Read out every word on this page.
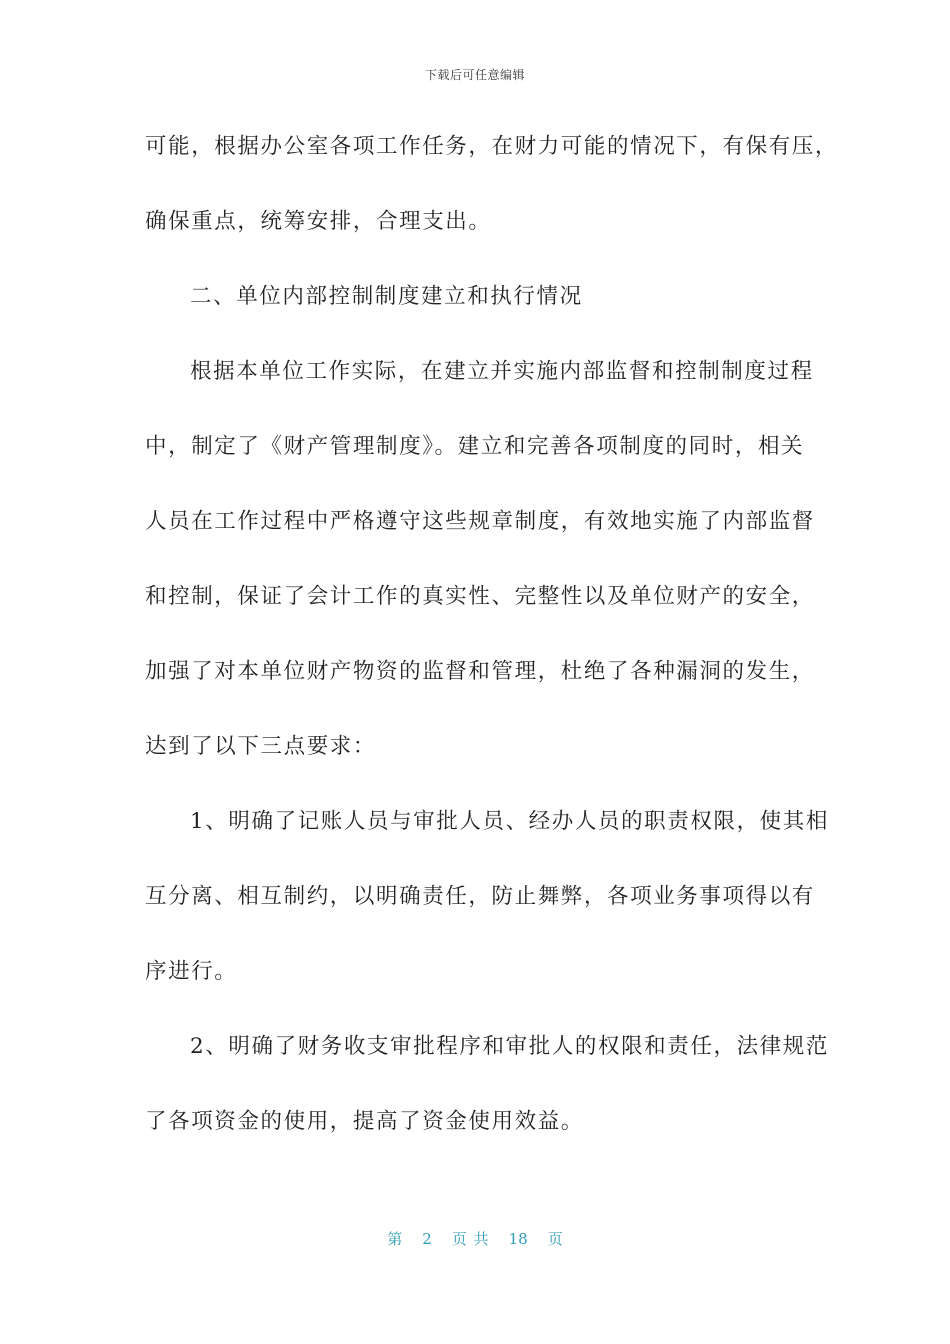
下载后可任意编辑
可能，根据办公室各项工作任务，在财力可能的情况下，有保有压，
确保重点，统筹安排，合理支出。
二、单位内部控制制度建立和执行情况
根据本单位工作实际，在建立并实施内部监督和控制制度过程
中，制定了《财产管理制度》。建立和完善各项制度的同时，相关
人员在工作过程中严格遵守这些规章制度，有效地实施了内部监督
和控制，保证了会计工作的真实性、完整性以及单位财产的安全，
加强了对本单位财产物资的监督和管理，杜绝了各种漏洞的发生，
达到了以下三点要求：
1、明确了记账人员与审批人员、经办人员的职责权限，使其相
互分离、相互制约，以明确责任，防止舞弊，各项业务事项得以有
序进行。
2、明确了财务收支审批程序和审批人的权限和责任，法律规范
了各项资金的使用，提高了资金使用效益。
第 2 页 共 18 页
